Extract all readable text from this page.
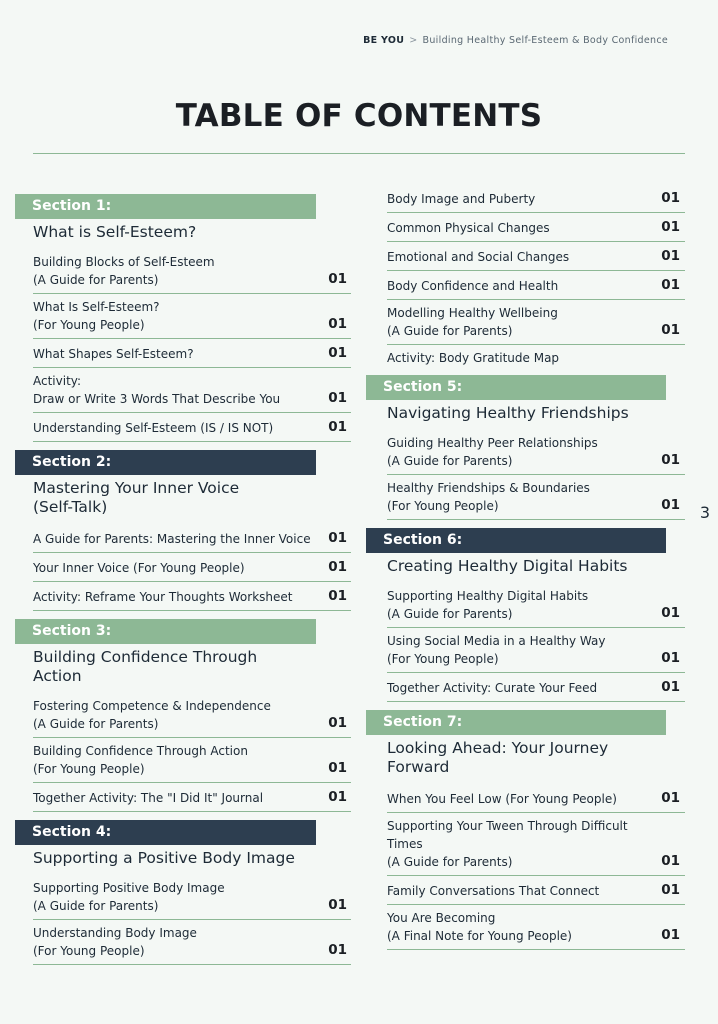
BE YOU > Building Healthy Self-Esteem & Body Confidence
TABLE OF CONTENTS
Section 1:
What is Self-Esteem?
Building Blocks of Self-Esteem
(A Guide for Parents)	01
What Is Self-Esteem?
(For Young People)	01
What Shapes Self-Esteem?	01
Activity:
Draw or Write 3 Words That Describe You	01
Understanding Self-Esteem (IS / IS NOT)	01
Section 2:
Mastering Your Inner Voice
(Self-Talk)
A Guide for Parents: Mastering the Inner Voice 01
Your Inner Voice (For Young People)	01
Activity: Reframe Your Thoughts Worksheet	01
Section 3:
Building Confidence Through
Action
Fostering Competence & Independence
(A Guide for Parents)	01
Building Confidence Through Action
(For Young People)	01
Together Activity: The "I Did It" Journal	01
Section 4:
Supporting a Positive Body Image
Supporting Positive Body Image
(A Guide for Parents)	01
Understanding Body Image
(For Young People)	01
Body Image and Puberty	01
Common Physical Changes	01
Emotional and Social Changes	01
Body Confidence and Health	01
Modelling Healthy Wellbeing
(A Guide for Parents)	01
Activity: Body Gratitude Map
Section 5:
Navigating Healthy Friendships
Guiding Healthy Peer Relationships
(A Guide for Parents)	01
Healthy Friendships & Boundaries
(For Young People)	01
Section 6:
Creating Healthy Digital Habits
Supporting Healthy Digital Habits
(A Guide for Parents)	01
Using Social Media in a Healthy Way
(For Young People)	01
Together Activity: Curate Your Feed	01
Section 7:
Looking Ahead: Your Journey
Forward
When You Feel Low (For Young People)	01
Supporting Your Tween Through Difficult Times
(A Guide for Parents)	01
Family Conversations That Connect	01
You Are Becoming
(A Final Note for Young People)	01
3
